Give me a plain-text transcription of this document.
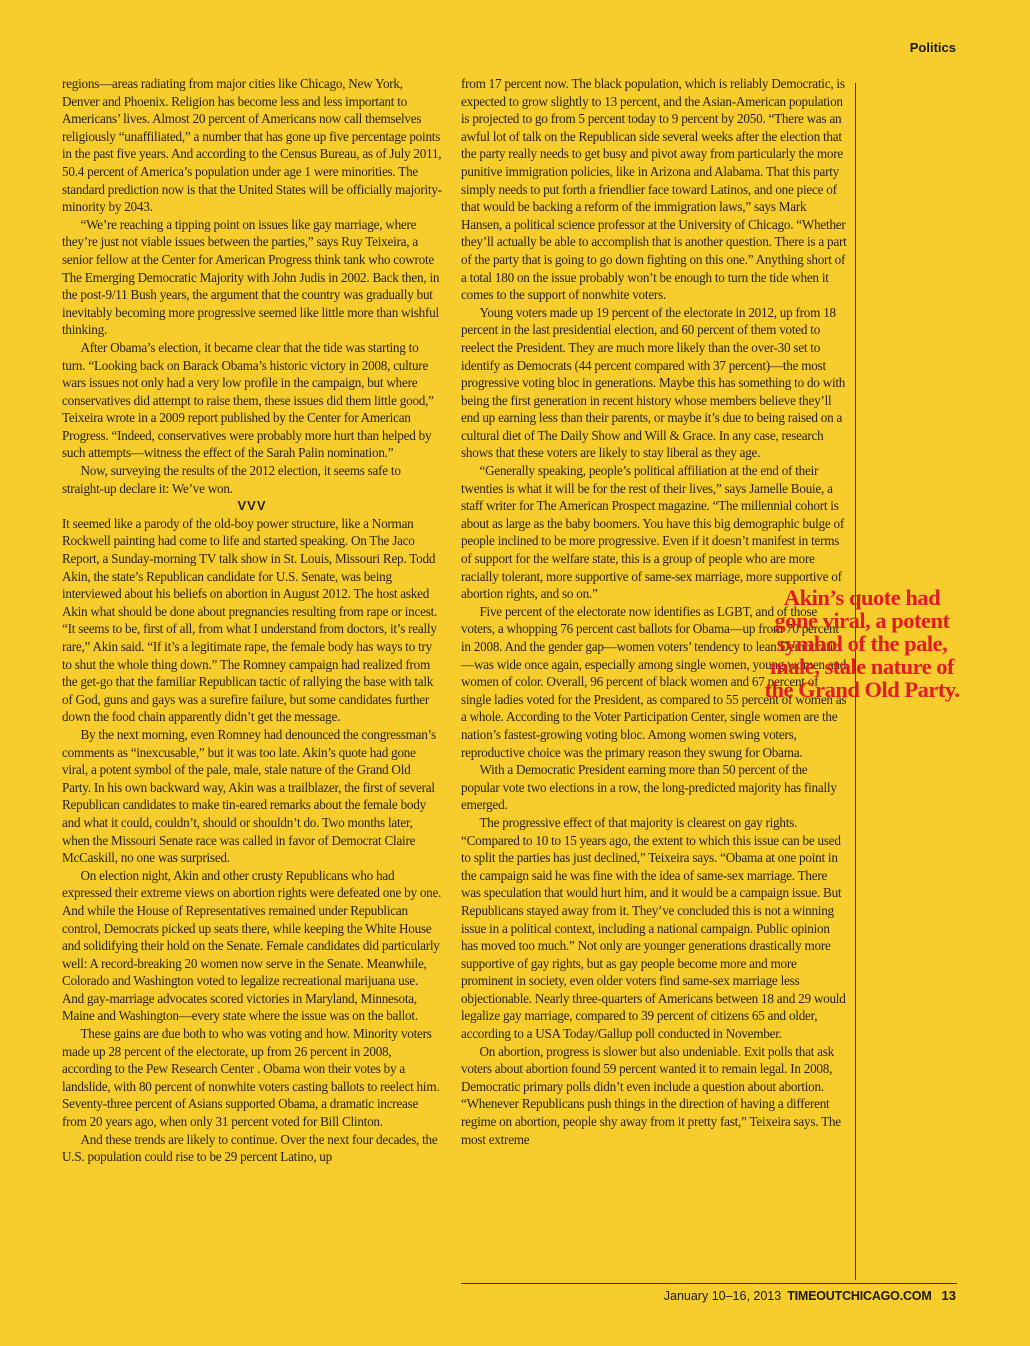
Politics

regions—areas radiating from major cities like Chicago, New York, Denver and Phoenix. Religion has become less and less important to Americans’ lives. Almost 20 percent of Americans now call themselves religiously “unaffiliated,” a number that has gone up five percentage points in the past five years. And according to the Census Bureau, as of July 2011, 50.4 percent of America’s population under age 1 were minorities. The standard prediction now is that the United States will be officially majority-minority by 2043.

“We’re reaching a tipping point on issues like gay marriage, where they’re just not viable issues between the parties,” says Ruy Teixeira, a senior fellow at the Center for American Progress think tank who cowrote The Emerging Democratic Majority with John Judis in 2002. Back then, in the post-9/11 Bush years, the argument that the country was gradually but inevitably becoming more progressive seemed like little more than wishful thinking.

After Obama’s election, it became clear that the tide was starting to turn. “Looking back on Barack Obama’s historic victory in 2008, culture wars issues not only had a very low profile in the campaign, but where conservatives did attempt to raise them, these issues did them little good,” Teixeira wrote in a 2009 report published by the Center for American Progress. “Indeed, conservatives were probably more hurt than helped by such attempts—witness the effect of the Sarah Palin nomination.”

Now, surveying the results of the 2012 election, it seems safe to straight-up declare it: We’ve won.

VVV

It seemed like a parody of the old-boy power structure, like a Norman Rockwell painting had come to life and started speaking. On The Jaco Report, a Sunday-morning TV talk show in St. Louis, Missouri Rep. Todd Akin, the state’s Republican candidate for U.S. Senate, was being interviewed about his beliefs on abortion in August 2012. The host asked Akin what should be done about pregnancies resulting from rape or incest. “It seems to be, first of all, from what I understand from doctors, it’s really rare,” Akin said. “If it’s a legitimate rape, the female body has ways to try to shut the whole thing down.” The Romney campaign had realized from the get-go that the familiar Republican tactic of rallying the base with talk of God, guns and gays was a surefire failure, but some candidates further down the food chain apparently didn’t get the message.

By the next morning, even Romney had denounced the congressman’s comments as “inexcusable,” but it was too late. Akin’s quote had gone viral, a potent symbol of the pale, male, stale nature of the Grand Old Party. In his own backward way, Akin was a trailblazer, the first of several Republican candidates to make tin-eared remarks about the female body and what it could, couldn’t, should or shouldn’t do. Two months later, when the Missouri Senate race was called in favor of Democrat Claire McCaskill, no one was surprised.

On election night, Akin and other crusty Republicans who had expressed their extreme views on abortion rights were defeated one by one. And while the House of Representatives remained under Republican control, Democrats picked up seats there, while keeping the White House and solidifying their hold on the Senate. Female candidates did particularly well: A record-breaking 20 women now serve in the Senate. Meanwhile, Colorado and Washington voted to legalize recreational marijuana use. And gay-marriage advocates scored victories in Maryland, Minnesota, Maine and Washington—every state where the issue was on the ballot.

These gains are due both to who was voting and how. Minority voters made up 28 percent of the electorate, up from 26 percent in 2008, according to the Pew Research Center . Obama won their votes by a landslide, with 80 percent of nonwhite voters casting ballots to reelect him. Seventy-three percent of Asians supported Obama, a dramatic increase from 20 years ago, when only 31 percent voted for Bill Clinton.

And these trends are likely to continue. Over the next four decades, the U.S. population could rise to be 29 percent Latino, up

from 17 percent now. The black population, which is reliably Democratic, is expected to grow slightly to 13 percent, and the Asian-American population is projected to go from 5 percent today to 9 percent by 2050. “There was an awful lot of talk on the Republican side several weeks after the election that the party really needs to get busy and pivot away from particularly the more punitive immigration policies, like in Arizona and Alabama. That this party simply needs to put forth a friendlier face toward Latinos, and one piece of that would be backing a reform of the immigration laws,” says Mark Hansen, a political science professor at the University of Chicago. “Whether they’ll actually be able to accomplish that is another question. There is a part of the party that is going to go down fighting on this one.” Anything short of a total 180 on the issue probably won’t be enough to turn the tide when it comes to the support of nonwhite voters.

Young voters made up 19 percent of the electorate in 2012, up from 18 percent in the last presidential election, and 60 percent of them voted to reelect the President. They are much more likely than the over-30 set to identify as Democrats (44 percent compared with 37 percent)—the most progressive voting bloc in generations. Maybe this has something to do with being the first generation in recent history whose members believe they’ll end up earning less than their parents, or maybe it’s due to being raised on a cultural diet of The Daily Show and Will & Grace. In any case, research shows that these voters are likely to stay liberal as they age.

“Generally speaking, people’s political affiliation at the end of their twenties is what it will be for the rest of their lives,” says Jamelle Bouie, a staff writer for The American Prospect magazine. “The millennial cohort is about as large as the baby boomers. You have this big demographic bulge of people inclined to be more progressive. Even if it doesn’t manifest in terms of support for the welfare state, this is a group of people who are more racially tolerant, more supportive of same-sex marriage, more supportive of abortion rights, and so on.”

Five percent of the electorate now identifies as LGBT, and of those voters, a whopping 76 percent cast ballots for Obama—up from 70 percent in 2008. And the gender gap—women voters’ tendency to lean Democratic—was wide once again, especially among single women, young women and women of color. Overall, 96 percent of black women and 67 percent of single ladies voted for the President, as compared to 55 percent of women as a whole. According to the Voter Participation Center, single women are the nation’s fastest-growing voting bloc. Among women swing voters, reproductive choice was the primary reason they swung for Obama.

With a Democratic President earning more than 50 percent of the popular vote two elections in a row, the long-predicted majority has finally emerged.

The progressive effect of that majority is clearest on gay rights. “Compared to 10 to 15 years ago, the extent to which this issue can be used to split the parties has just declined,” Teixeira says. “Obama at one point in the campaign said he was fine with the idea of same-sex marriage. There was speculation that would hurt him, and it would be a campaign issue. But Republicans stayed away from it. They’ve concluded this is not a winning issue in a political context, including a national campaign. Public opinion has moved too much.” Not only are younger generations drastically more supportive of gay rights, but as gay people become more and more prominent in society, even older voters find same-sex marriage less objectionable. Nearly three-quarters of Americans between 18 and 29 would legalize gay marriage, compared to 39 percent of citizens 65 and older, according to a USA Today/Gallup poll conducted in November.

On abortion, progress is slower but also undeniable. Exit polls that ask voters about abortion found 59 percent wanted it to remain legal. In 2008, Democratic primary polls didn’t even include a question about abortion. “Whenever Republicans push things in the direction of having a different regime on abortion, people shy away from it pretty fast,” Teixeira says. The most extreme

Akin’s quote had gone viral, a potent symbol of the pale, male, stale nature of the Grand Old Party.
January 10–16, 2013 TIMEOUTCHICAGO.COM 13
